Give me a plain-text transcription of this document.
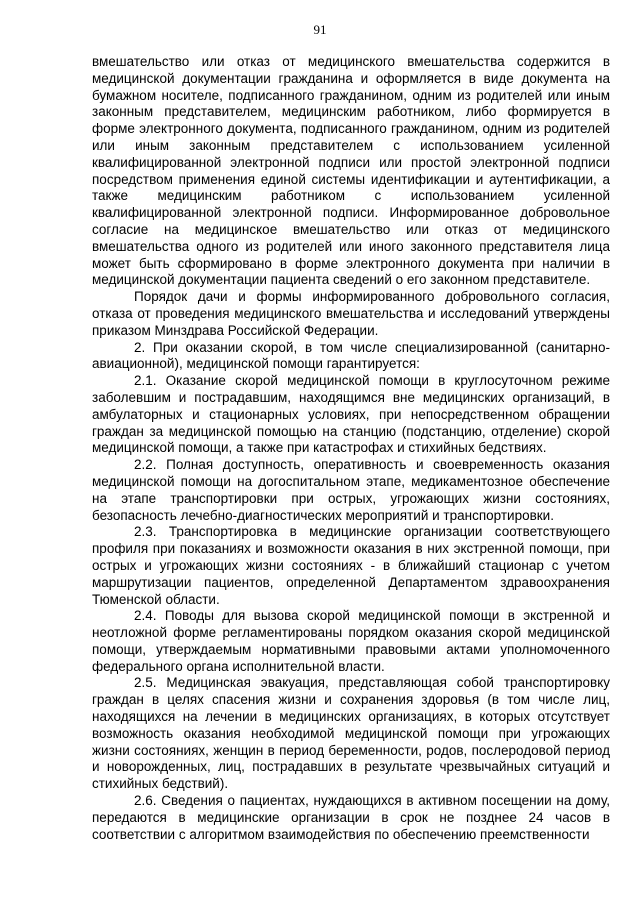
91

вмешательство или отказ от медицинского вмешательства содержится в медицинской документации гражданина и оформляется в виде документа на бумажном носителе, подписанного гражданином, одним из родителей или иным законным представителем, медицинским работником, либо формируется в форме электронного документа, подписанного гражданином, одним из родителей или иным законным представителем с использованием усиленной квалифицированной электронной подписи или простой электронной подписи посредством применения единой системы идентификации и аутентификации, а также медицинским работником с использованием усиленной квалифицированной электронной подписи. Информированное добровольное согласие на медицинское вмешательство или отказ от медицинского вмешательства одного из родителей или иного законного представителя лица может быть сформировано в форме электронного документа при наличии в медицинской документации пациента сведений о его законном представителе.

Порядок дачи и формы информированного добровольного согласия, отказа от проведения медицинского вмешательства и исследований утверждены приказом Минздрава Российской Федерации.

2. При оказании скорой, в том числе специализированной (санитарно-авиационной), медицинской помощи гарантируется:

2.1. Оказание скорой медицинской помощи в круглосуточном режиме заболевшим и пострадавшим, находящимся вне медицинских организаций, в амбулаторных и стационарных условиях, при непосредственном обращении граждан за медицинской помощью на станцию (подстанцию, отделение) скорой медицинской помощи, а также при катастрофах и стихийных бедствиях.

2.2. Полная доступность, оперативность и своевременность оказания медицинской помощи на догоспитальном этапе, медикаментозное обеспечение на этапе транспортировки при острых, угрожающих жизни состояниях, безопасность лечебно-диагностических мероприятий и транспортировки.

2.3. Транспортировка в медицинские организации соответствующего профиля при показаниях и возможности оказания в них экстренной помощи, при острых и угрожающих жизни состояниях - в ближайший стационар с учетом маршрутизации пациентов, определенной Департаментом здравоохранения Тюменской области.

2.4. Поводы для вызова скорой медицинской помощи в экстренной и неотложной форме регламентированы порядком оказания скорой медицинской помощи, утверждаемым нормативными правовыми актами уполномоченного федерального органа исполнительной власти.

2.5. Медицинская эвакуация, представляющая собой транспортировку граждан в целях спасения жизни и сохранения здоровья (в том числе лиц, находящихся на лечении в медицинских организациях, в которых отсутствует возможность оказания необходимой медицинской помощи при угрожающих жизни состояниях, женщин в период беременности, родов, послеродовой период и новорожденных, лиц, пострадавших в результате чрезвычайных ситуаций и стихийных бедствий).

2.6. Сведения о пациентах, нуждающихся в активном посещении на дому, передаются в медицинские организации в срок не позднее 24 часов в соответствии с алгоритмом взаимодействия по обеспечению преемственности
